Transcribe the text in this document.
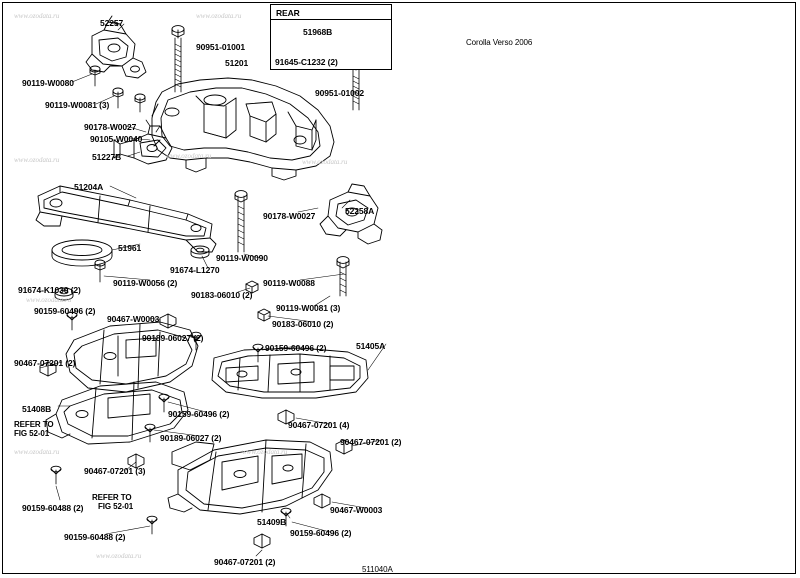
REAR
51968B
91645-C1232 (2)
Corolla Verso 2006
511040A
www.ozodata.ru	www.ozodata.ru
www.ozodata.ru	www.ozodata.ru
www.ozodata.ru
www.ozodata.ru
www.ozodata.ru	www.ozodata.ru
www.ozodata.ru
52257
90951-01001
51201
90119-W0080
90119-W0081 (3)
90951-01002
90178-W0027
90105-W0040
51227B
51204A
52258A
90178-W0027
90119-W0090
51961
91674-L1270
90119-W0088
90119-W0056 (2)
91674-K1030 (2)	90183-06010 (2)
90119-W0081 (3)
90159-60496 (2)
90467-W0003	90183-06010 (2)
90189-06027 (2)
90159-60496 (2)	51405A
90467-07201 (2)
51408B	90159-60496 (2)
90467-07201 (4)
REFER TO
FIG 52-01	90189-06027 (2)	90467-07201 (2)
90467-07201 (3)
REFER TO
FIG 52-01	90467-W0003
90159-60488 (2)
51409B
90159-60496 (2)
90159-60488 (2)
90467-07201 (2)
